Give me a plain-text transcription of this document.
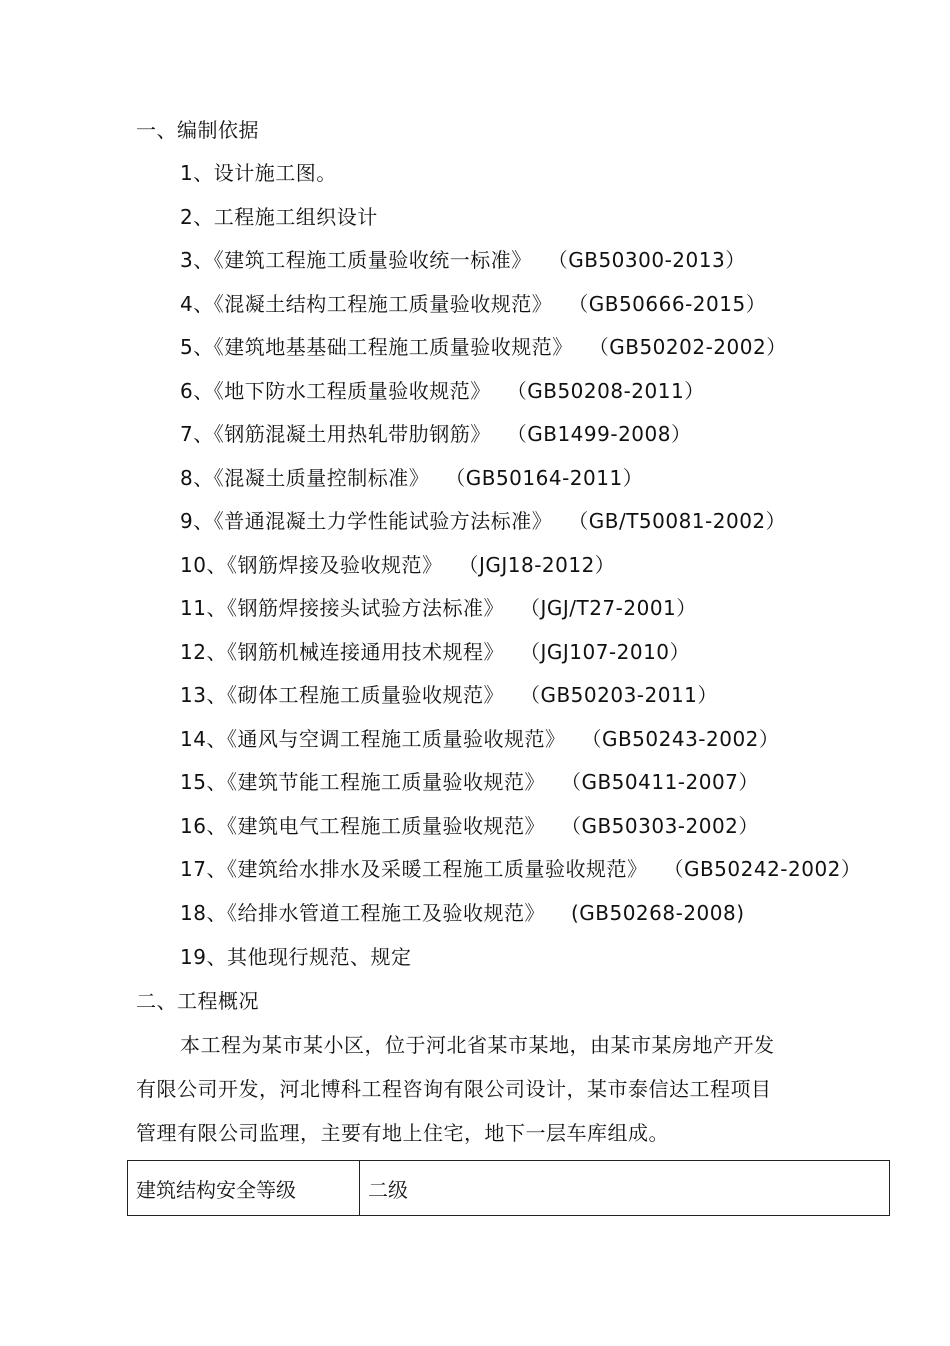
一、编制依据
1、设计施工图。
2、工程施工组织设计
3、《建筑工程施工质量验收统一标准》 （GB50300-2013）
4、《混凝土结构工程施工质量验收规范》 （GB50666-2015）
5、《建筑地基基础工程施工质量验收规范》 （GB50202-2002）
6、《地下防水工程质量验收规范》 （GB50208-2011）
7、《钢筋混凝土用热轧带肋钢筋》 （GB1499-2008）
8、《混凝土质量控制标准》 （GB50164-2011）
9、《普通混凝土力学性能试验方法标准》 （GB/T50081-2002）
10、《钢筋焊接及验收规范》 （JGJ18-2012）
11、《钢筋焊接接头试验方法标准》 （JGJ/T27-2001）
12、《钢筋机械连接通用技术规程》 （JGJ107-2010）
13、《砌体工程施工质量验收规范》 （GB50203-2011）
14、《通风与空调工程施工质量验收规范》 （GB50243-2002）
15、《建筑节能工程施工质量验收规范》 （GB50411-2007）
16、《建筑电气工程施工质量验收规范》 （GB50303-2002）
17、《建筑给水排水及采暖工程施工质量验收规范》 （GB50242-2002）
18、《给排水管道工程施工及验收规范》 (GB50268-2008)
19、其他现行规范、规定
二、工程概况
本工程为某市某小区，位于河北省某市某地，由某市某房地产开发
有限公司开发，河北博科工程咨询有限公司设计，某市泰信达工程项目
管理有限公司监理，主要有地上住宅，地下一层车库组成。
建筑结构安全等级	二级
